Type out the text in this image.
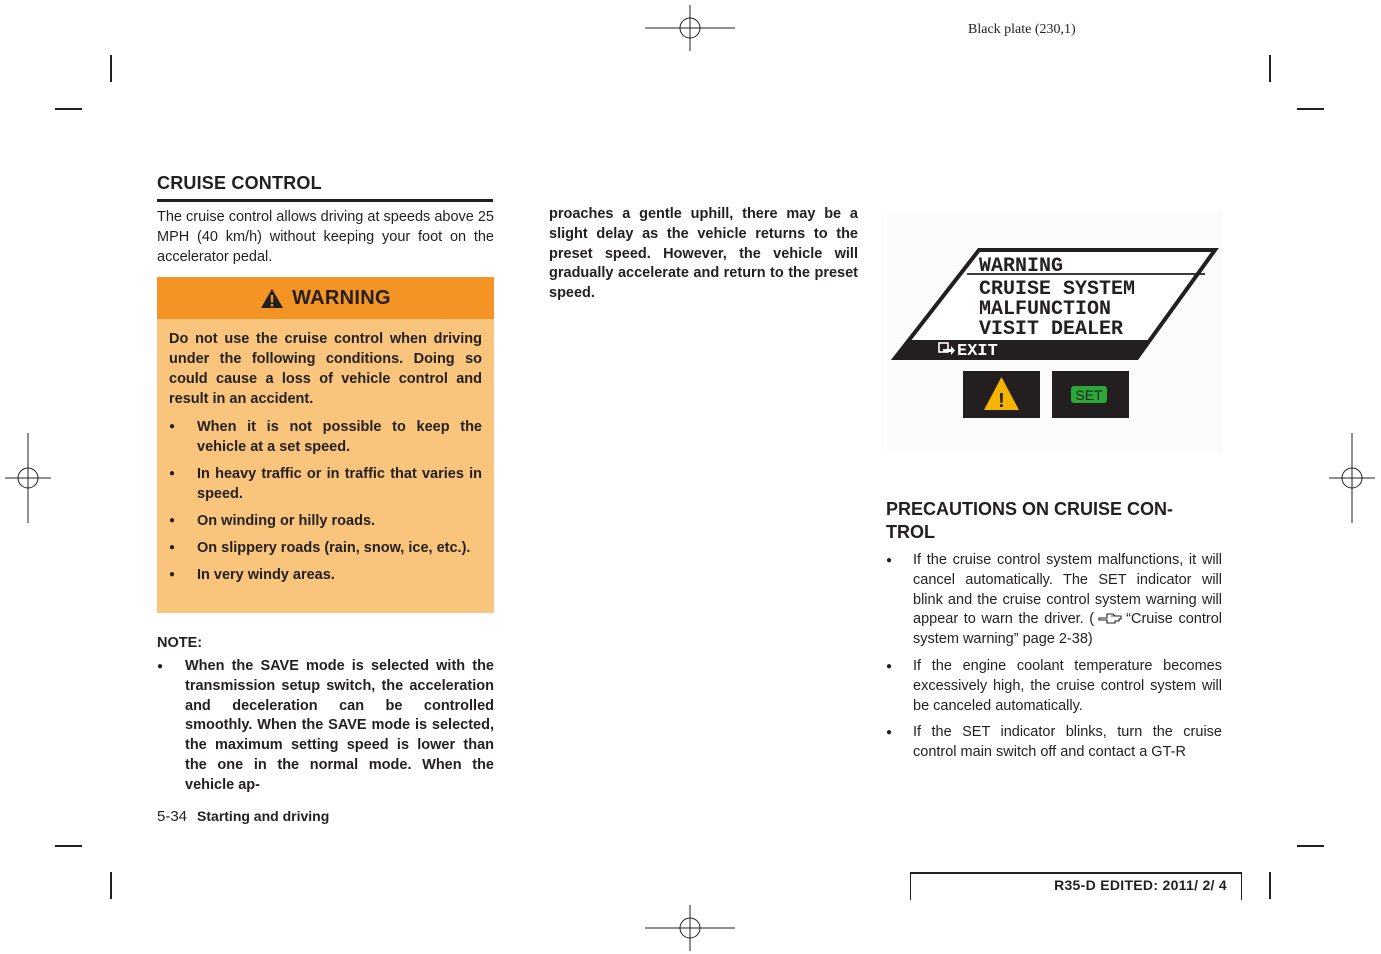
Black plate (230,1)
CRUISE CONTROL
The cruise control allows driving at speeds above 25 MPH (40 km/h) without keeping your foot on the accelerator pedal.
WARNING
Do not use the cruise control when driving under the following conditions. Doing so could cause a loss of vehicle control and result in an accident.
● When it is not possible to keep the vehicle at a set speed.
● In heavy traffic or in traffic that varies in speed.
● On winding or hilly roads.
● On slippery roads (rain, snow, ice, etc.).
● In very windy areas.
NOTE:
● When the SAVE mode is selected with the transmission setup switch, the acceleration and deceleration can be controlled smoothly. When the SAVE mode is selected, the maximum setting speed is lower than the one in the normal mode. When the vehicle ap-
5-34 Starting and driving
proaches a gentle uphill, there may be a slight delay as the vehicle returns to the preset speed. However, the vehicle will gradually accelerate and return to the preset speed.
WARNING
CRUISE SYSTEM
MALFUNCTION
VISIT DEALER
EXIT
!	SET
PRECAUTIONS ON CRUISE CON-TROL
● If the cruise control system malfunctions, it will cancel automatically. The SET indicator will blink and the cruise control system warning will appear to warn the driver. ( “Cruise control system warning” page 2-38)
● If the engine coolant temperature becomes excessively high, the cruise control system will be canceled automatically.
● If the SET indicator blinks, turn the cruise control main switch off and contact a GT-R
R35-D EDITED: 2011/ 2/ 4
